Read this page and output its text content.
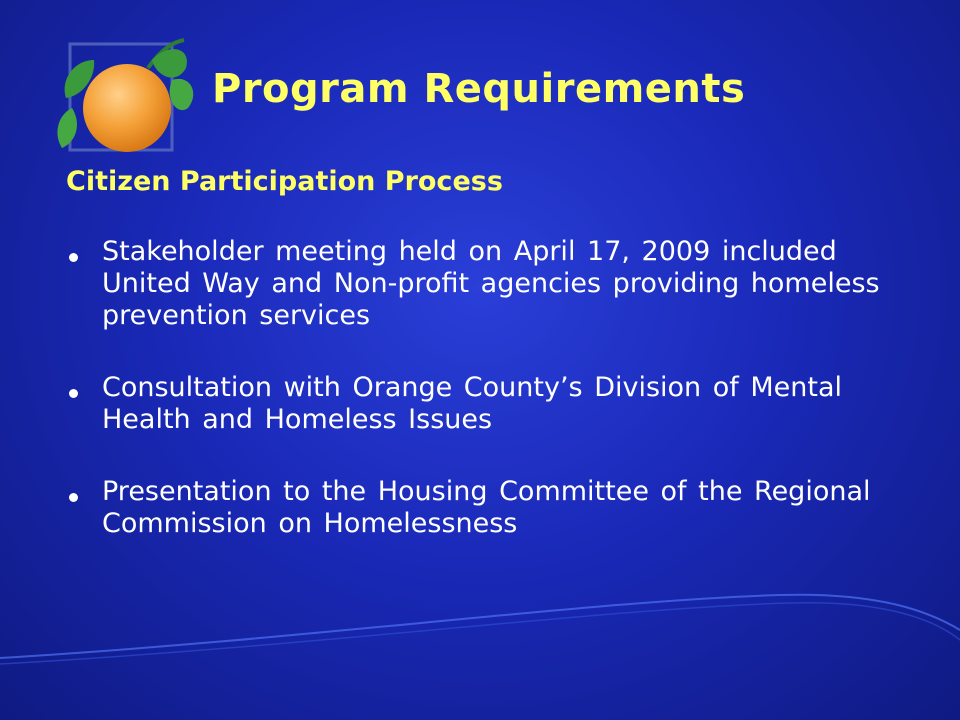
Program Requirements
Citizen Participation Process
Stakeholder meeting held on April 17, 2009 included United Way and Non-profit agencies providing homeless prevention services
Consultation with Orange County’s Division of Mental Health and Homeless Issues
Presentation to the Housing Committee of the Regional Commission on Homelessness
